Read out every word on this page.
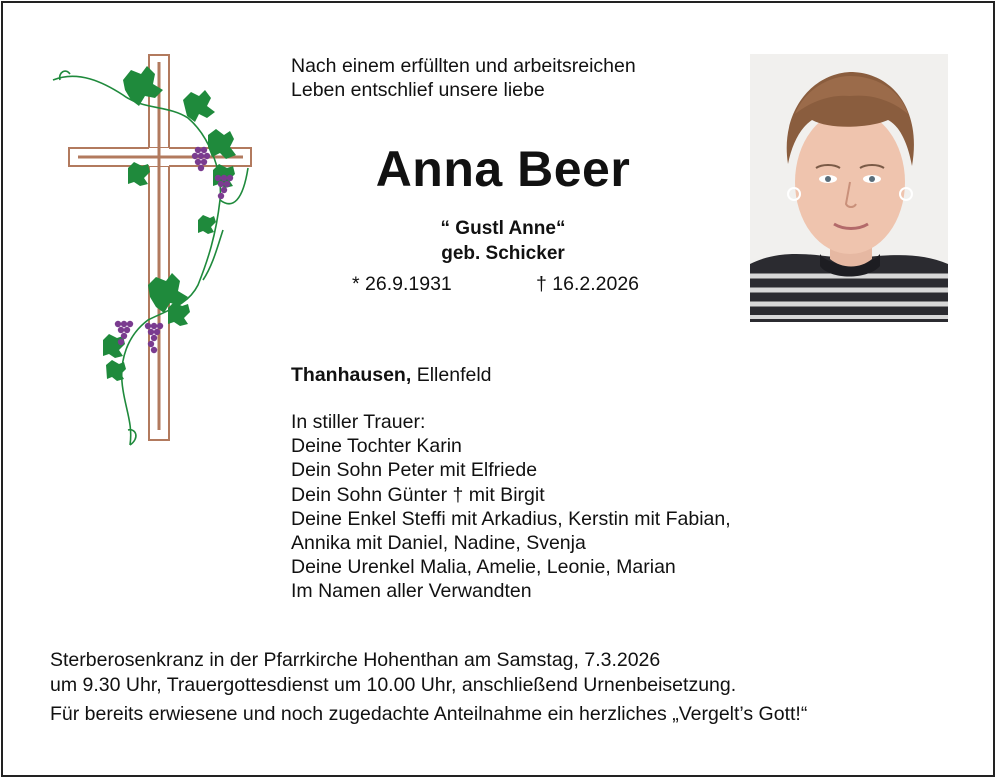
Nach einem erfüllten und arbeitsreichen
Leben entschlief unsere liebe
Anna Beer
“ Gustl Anne“
geb. Schicker
* 26.9.1931	† 16.2.2026
Thanhausen, Ellenfeld
In stiller Trauer:
Deine Tochter Karin
Dein Sohn Peter mit Elfriede
Dein Sohn Günter † mit Birgit
Deine Enkel Steffi mit Arkadius, Kerstin mit Fabian,
Annika mit Daniel, Nadine, Svenja
Deine Urenkel Malia, Amelie, Leonie, Marian
Im Namen aller Verwandten
Sterberosenkranz in der Pfarrkirche Hohenthan am Samstag, 7.3.2026
um 9.30 Uhr, Trauergottesdienst um 10.00 Uhr, anschließend Urnenbeisetzung.
Für bereits erwiesene und noch zugedachte Anteilnahme ein herzliches „Vergelt’s Gott!“
